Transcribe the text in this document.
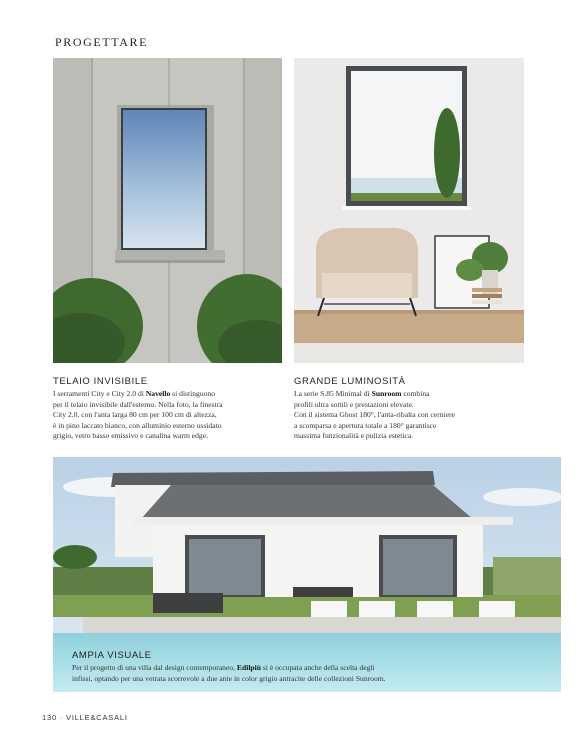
PROGETTARE
TELAIO INVISIBILE

I serramenti City e City 2.0 di Navello si distinguono

per il telaio invisibile dall'esterno. Nella foto, la finestra

City 2.0, con l'anta larga 80 cm per 100 cm di altezza,

è in pino laccato bianco, con alluminio esterno ossidato

grigio, vetro basso emissivo e canalina warm edge.

GRANDE LUMINOSITÀ

La serie S.85 Minimal di Sunroom combina

profili ultra sottili e prestazioni elevate.

Con il sistema Ghost 180°, l'anta-ribalta con cerniere

a scomparsa e apertura totale a 180° garantisce

massima funzionalità e pulizia estetica.

AMPIA VISUALE

Per il progetto di una villa dal design contemporaneo, Edilpiù si è occupata anche della scelta degli

infissi, optando per una vetrata scorrevole a due ante in color grigio antracite delle collezioni Sunroom.

130 · VILLE&CASALI
